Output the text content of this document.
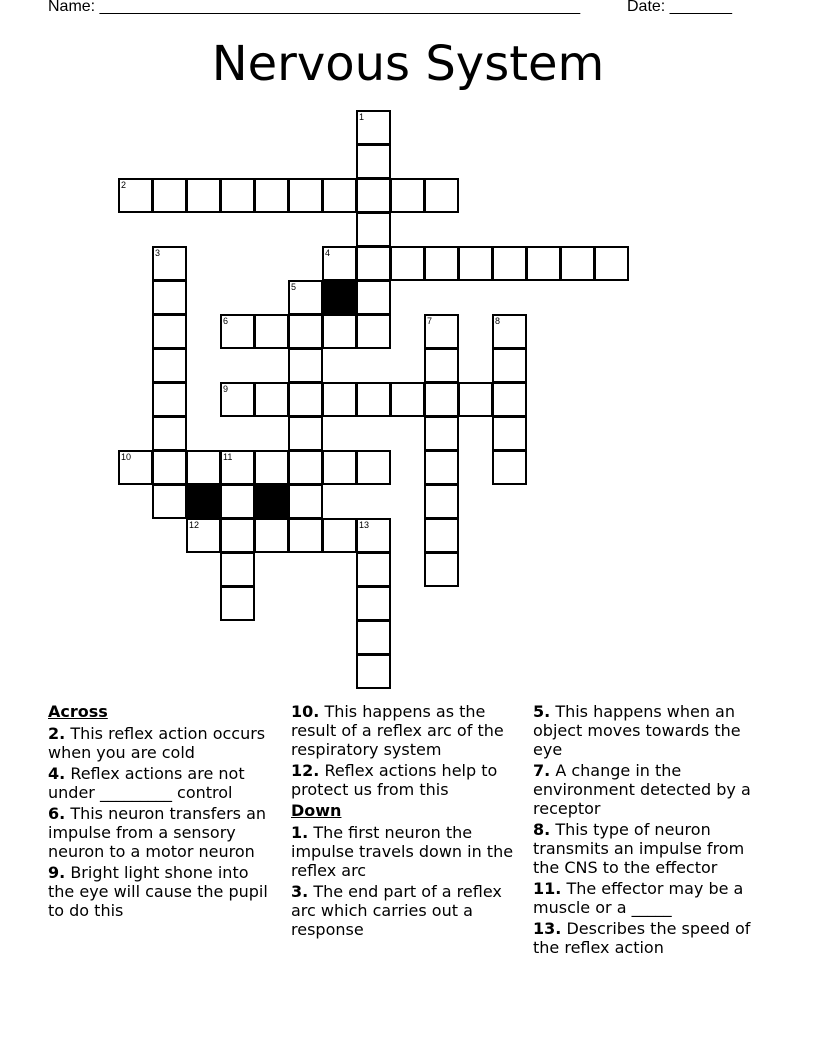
Name: ______________________________________________________	Date: _______
Nervous System
2
4
6
9
10	11
12	13
1
3
5
7	8
Across
2. This reflex action occurs when you are cold
4. Reflex actions are not under _________ control
6. This neuron transfers an impulse from a sensory neuron to a motor neuron
9. Bright light shone into the eye will cause the pupil to do this
10. This happens as the result of a reflex arc of the respiratory system
12. Reflex actions help to protect us from this
Down
1. The first neuron the impulse travels down in the reflex arc
3. The end part of a reflex arc which carries out a response
5. This happens when an object moves towards the eye
7. A change in the environment detected by a receptor
8. This type of neuron transmits an impulse from the CNS to the effector
11. The effector may be a muscle or a _____
13. Describes the speed of the reflex action
